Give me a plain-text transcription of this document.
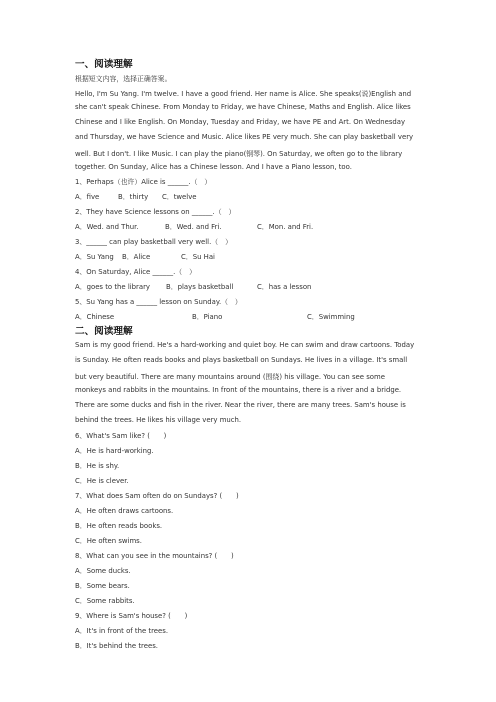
一、阅读理解
根据短文内容，选择正确答案。
Hello, I'm Su Yang. I'm twelve. I have a good friend. Her name is Alice. She speaks(说)English and
she can't speak Chinese. From Monday to Friday, we have Chinese, Maths and English. Alice likes
Chinese and I like English. On Monday, Tuesday and Friday, we have PE and Art. On Wednesday
and Thursday, we have Science and Music. Alice likes PE very much. She can play basketball very
well. But I don't. I like Music. I can play the piano(钢琴). On Saturday, we often go to the library
together. On Sunday, Alice has a Chinese lesson. And I have a Piano lesson, too.
1、Perhaps（也许）Alice is ______.（　）
A．five	B．thirty C．twelve
2、They have Science lessons on ______.（　）
A．Wed. and Thur.	B．Wed. and Fri.	C．Mon. and Fri.
3、______ can play basketball very well.（　）
A．Su Yang B．Alice	C．Su Hai
4、On Saturday, Alice ______.（　）
A．goes to the library B．plays basketball	C．has a lesson
5、Su Yang has a ______ lesson on Sunday.（　）
A．Chinese	B．Piano	C．Swimming
二、阅读理解
Sam is my good friend. He's a hard-working and quiet boy. He can swim and draw cartoons. Today
is Sunday. He often reads books and plays basketball on Sundays. He lives in a village. It's small
but very beautiful. There are many mountains around (围绕) his village. You can see some
monkeys and rabbits in the mountains. In front of the mountains, there is a river and a bridge.
There are some ducks and fish in the river. Near the river, there are many trees. Sam's house is
behind the trees. He likes his village very much.
6、What's Sam like? (　　)
A．He is hard-working.
B．He is shy.
C．He is clever.
7、What does Sam often do on Sundays? (　　)
A．He often draws cartoons.
B．He often reads books.
C．He often swims.
8、What can you see in the mountains? (　　)
A．Some ducks.
B．Some bears.
C．Some rabbits.
9、Where is Sam's house? (　　)
A．It's in front of the trees.
B．It's behind the trees.
